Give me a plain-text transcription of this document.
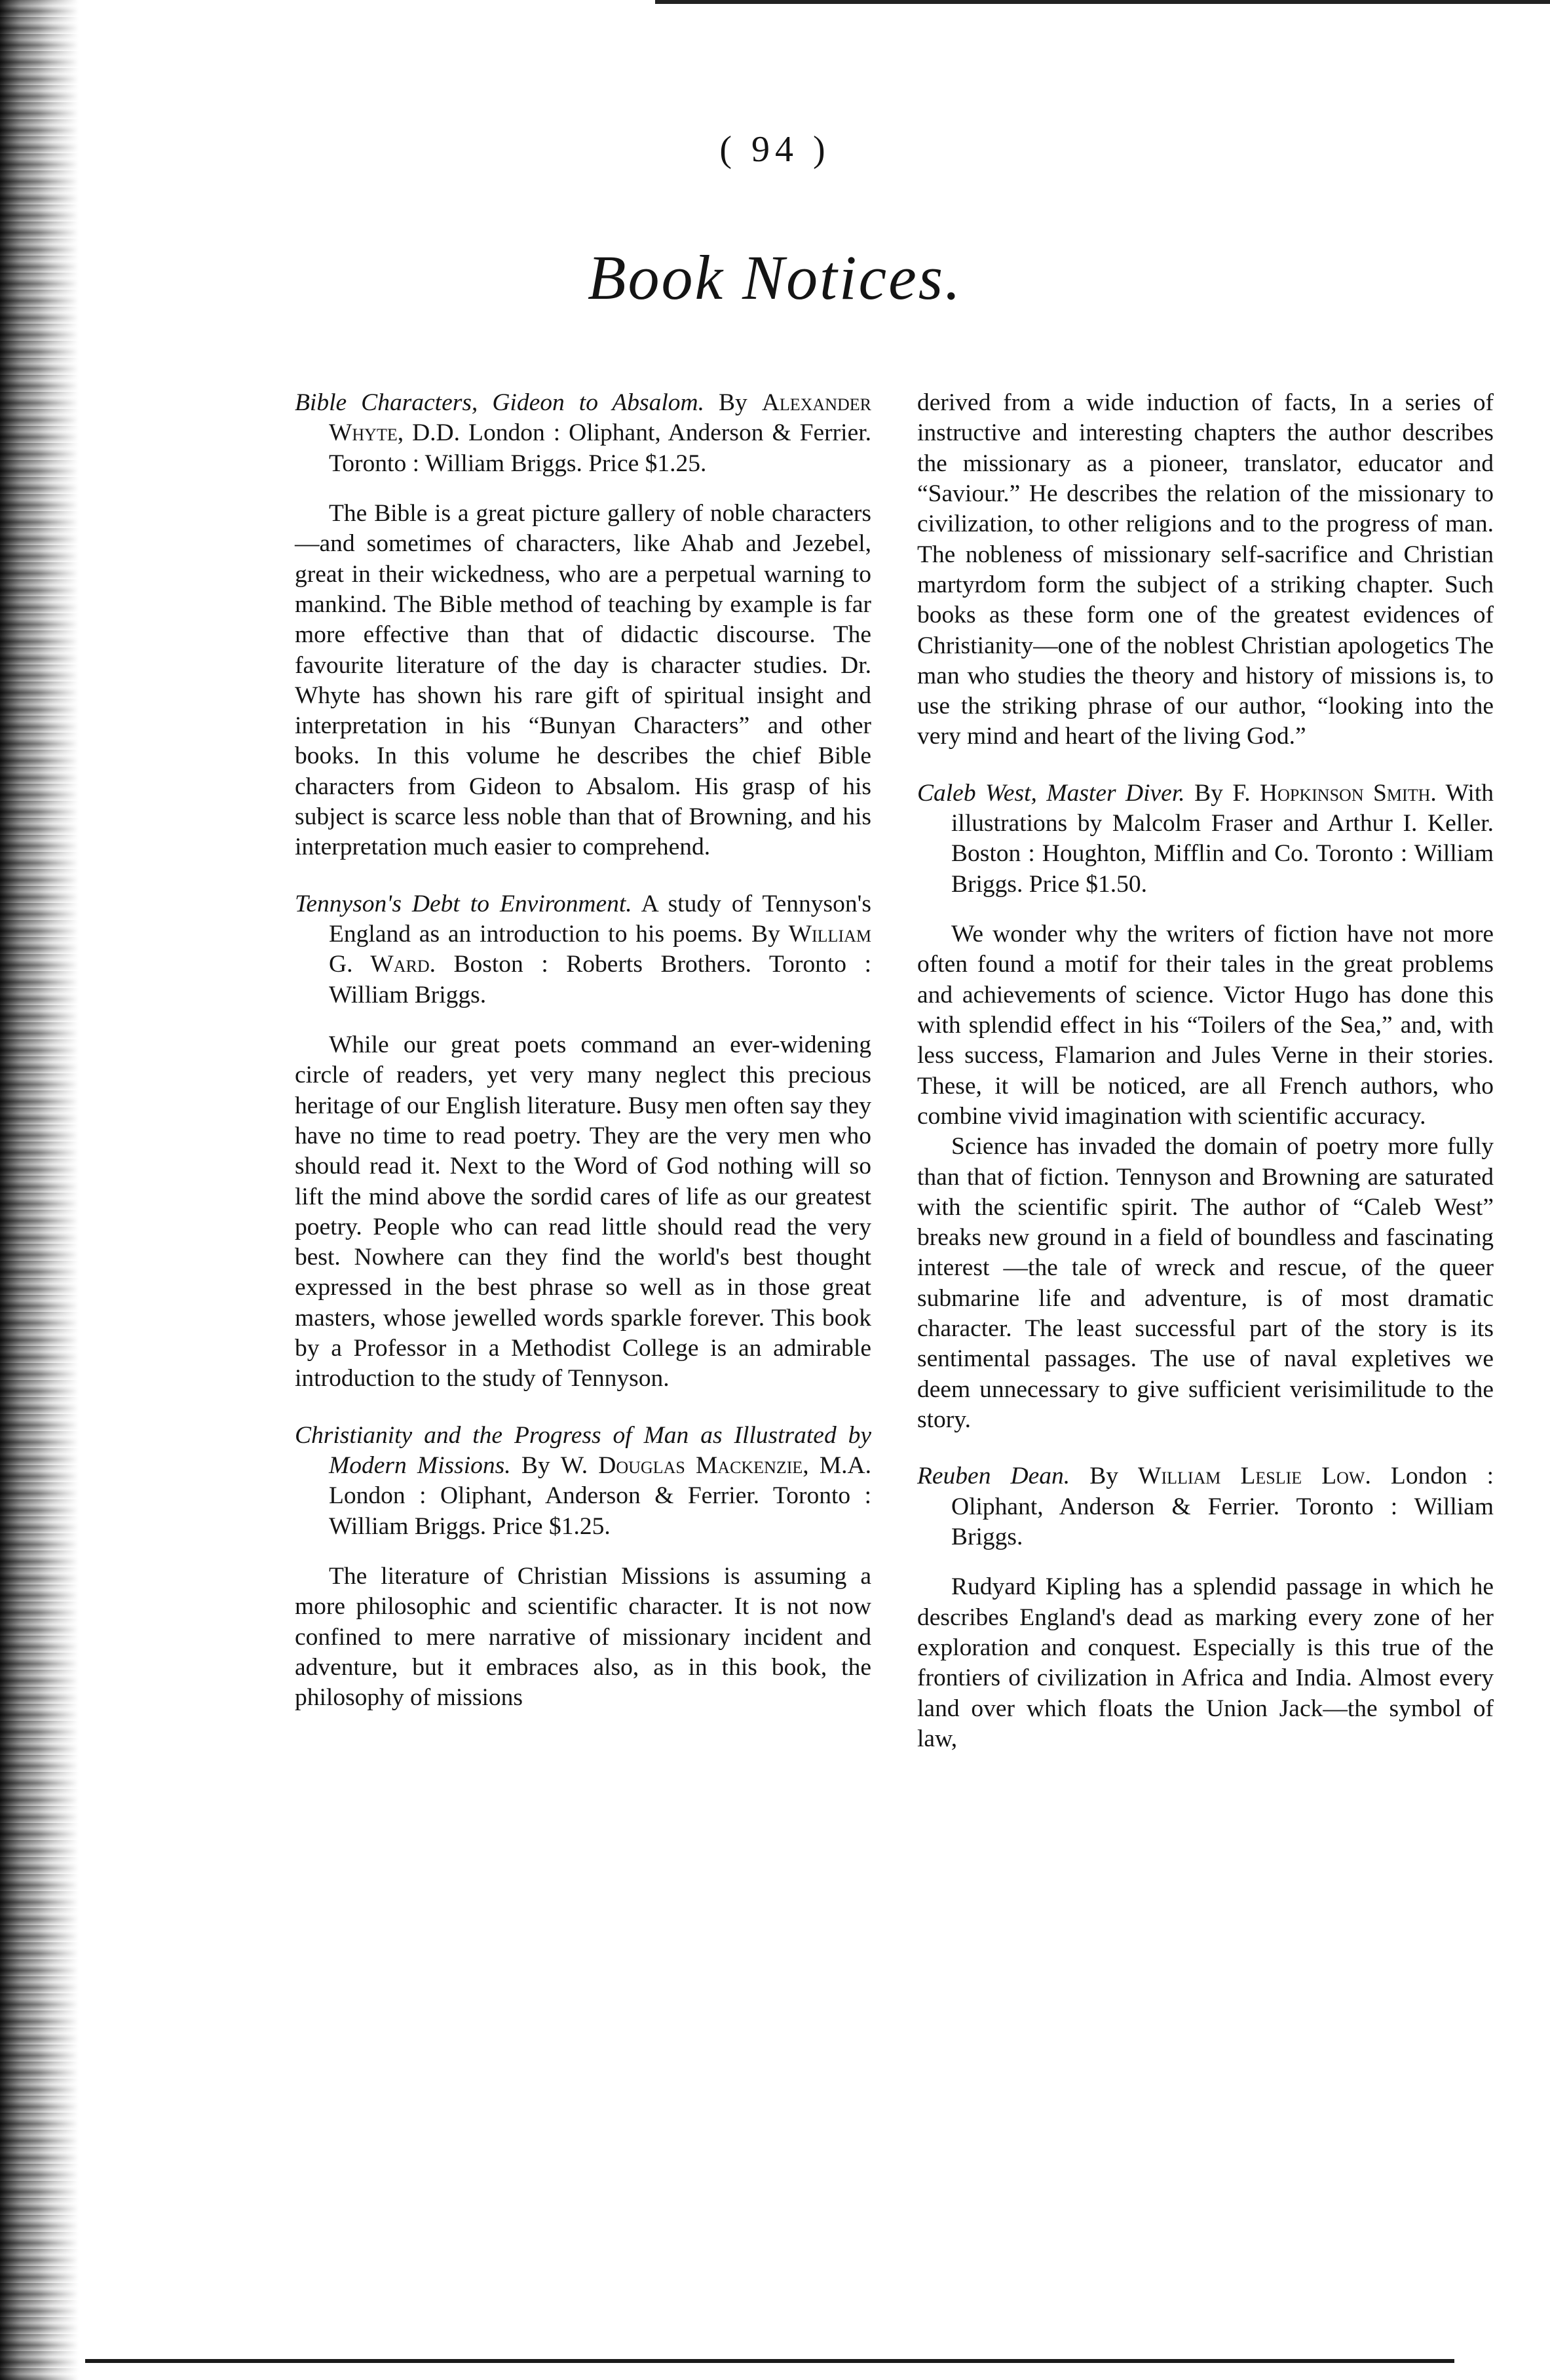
( 94 )
Book Notices.

Bible Characters, Gideon to Absalom. By Alexander Whyte, D.D. London : Oliphant, Anderson & Ferrier. Toronto : William Briggs. Price $1.25.

The Bible is a great picture gallery of noble characters—and sometimes of characters, like Ahab and Jezebel, great in their wickedness, who are a perpetual warning to mankind. The Bible method of teaching by example is far more effective than that of didactic discourse. The favourite literature of the day is character studies. Dr. Whyte has shown his rare gift of spiritual insight and interpretation in his “Bunyan Characters” and other books. In this volume he describes the chief Bible characters from Gideon to Absalom. His grasp of his subject is scarce less noble than that of Browning, and his interpretation much easier to comprehend.

Tennyson's Debt to Environment. A study of Tennyson's England as an introduction to his poems. By William G. Ward. Boston : Roberts Brothers. Toronto : William Briggs.

While our great poets command an ever-widening circle of readers, yet very many neglect this precious heritage of our English literature. Busy men often say they have no time to read poetry. They are the very men who should read it. Next to the Word of God nothing will so lift the mind above the sordid cares of life as our greatest poetry. People who can read little should read the very best. Nowhere can they find the world's best thought expressed in the best phrase so well as in those great masters, whose jewelled words sparkle forever. This book by a Professor in a Methodist College is an admirable introduction to the study of Tennyson.

Christianity and the Progress of Man as Illustrated by Modern Missions. By W. Douglas Mackenzie, M.A. London : Oliphant, Anderson & Ferrier. Toronto : William Briggs. Price $1.25.

The literature of Christian Missions is assuming a more philosophic and scientific character. It is not now confined to mere narrative of missionary incident and adventure, but it embraces also, as in this book, the philosophy of missions

derived from a wide induction of facts, In a series of instructive and interesting chapters the author describes the missionary as a pioneer, translator, educator and “Saviour.” He describes the relation of the missionary to civilization, to other religions and to the progress of man. The nobleness of missionary self-sacrifice and Christian martyrdom form the subject of a striking chapter. Such books as these form one of the greatest evidences of Christianity—one of the noblest Christian apologetics The man who studies the theory and history of missions is, to use the striking phrase of our author, “looking into the very mind and heart of the living God.”

Caleb West, Master Diver. By F. Hopkinson Smith. With illustrations by Malcolm Fraser and Arthur I. Keller. Boston : Houghton, Mifflin and Co. Toronto : William Briggs. Price $1.50.

We wonder why the writers of fiction have not more often found a motif for their tales in the great problems and achievements of science. Victor Hugo has done this with splendid effect in his “Toilers of the Sea,” and, with less success, Flamarion and Jules Verne in their stories. These, it will be noticed, are all French authors, who combine vivid imagination with scientific accuracy.

Science has invaded the domain of poetry more fully than that of fiction. Tennyson and Browning are saturated with the scientific spirit. The author of “Caleb West” breaks new ground in a field of boundless and fascinating interest —the tale of wreck and rescue, of the queer submarine life and adventure, is of most dramatic character. The least successful part of the story is its sentimental passages. The use of naval expletives we deem unnecessary to give sufficient verisimilitude to the story.

Reuben Dean. By William Leslie Low. London : Oliphant, Anderson & Ferrier. Toronto : William Briggs.

Rudyard Kipling has a splendid passage in which he describes England's dead as marking every zone of her exploration and conquest. Especially is this true of the frontiers of civilization in Africa and India. Almost every land over which floats the Union Jack—the symbol of law,
